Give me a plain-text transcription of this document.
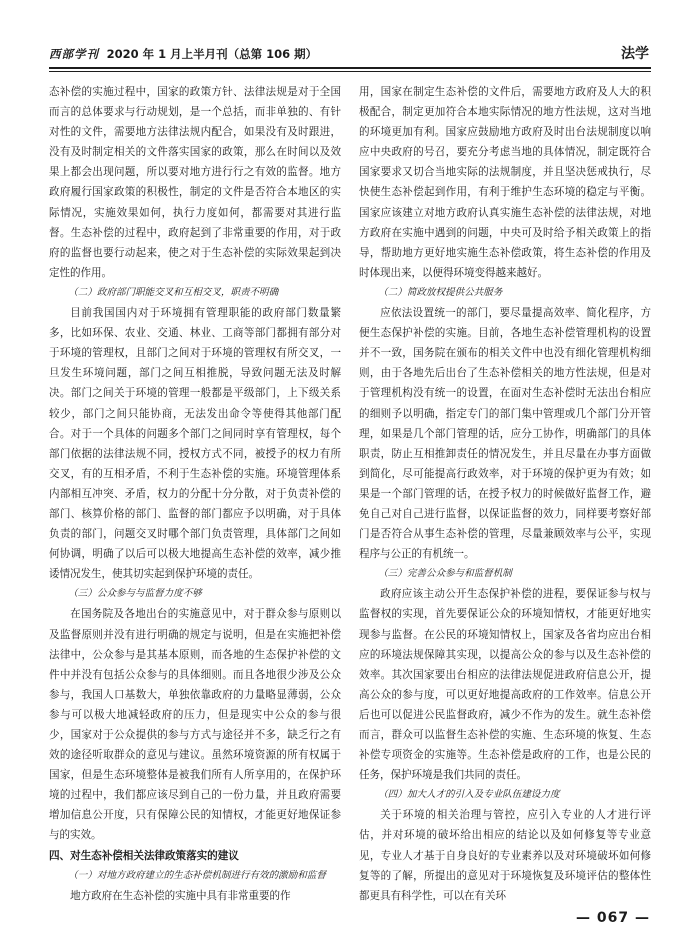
西部学刊 2020 年 1 月上半月刊（总第 106 期）	法学
态补偿的实施过程中，国家的政策方针、法律法规是对于全国而言的总体要求与行动规划，是一个总括，而非单独的、有针对性的文件，需要地方法律法规内配合，如果没有及时跟进，没有及时制定相关的文件落实国家的政策，那么在时间以及效果上都会出现问题，所以要对地方进行行之有效的监督。地方政府履行国家政策的积极性，制定的文件是否符合本地区的实际情况，实施效果如何，执行力度如何，都需要对其进行监督。生态补偿的过程中，政府起到了非常重要的作用，对于政府的监督也要行动起来，使之对于生态补偿的实际效果起到决定性的作用。
（二）政府部门职能交叉和互相交叉，职责不明确
目前我国国内对于环境拥有管理职能的政府部门数量繁多，比如环保、农业、交通、林业、工商等部门都拥有部分对于环境的管理权，且部门之间对于环境的管理权有所交叉，一旦发生环境问题，部门之间互相推脱，导致问题无法及时解决。部门之间关于环境的管理一般都是平级部门，上下级关系较少，部门之间只能协商，无法发出命令等使得其他部门配合。对于一个具体的问题多个部门之间同时享有管理权，每个部门依据的法律法规不同，授权方式不同，被授予的权力有所交叉，有的互相矛盾，不利于生态补偿的实施。环境管理体系内部相互冲突、矛盾，权力的分配十分分散，对于负责补偿的部门、核算价格的部门、监督的部门都应予以明确，对于具体负责的部门，问题交叉时哪个部门负责管理，具体部门之间如何协调，明确了以后可以极大地提高生态补偿的效率，减少推诿情况发生，使其切实起到保护环境的责任。
（三）公众参与与监督力度不够
在国务院及各地出台的实施意见中，对于群众参与原则以及监督原则并没有进行明确的规定与说明，但是在实施把补偿法律中，公众参与是其基本原则，而各地的生态保护补偿的文件中并没有包括公众参与的具体细则。而且各地很少涉及公众参与，我国人口基数大，单独依靠政府的力量略显薄弱，公众参与可以极大地减轻政府的压力，但是现实中公众的参与很少，国家对于公众提供的参与方式与途径并不多，缺乏行之有效的途径听取群众的意见与建议。虽然环境资源的所有权属于国家，但是生态环境整体是被我们所有人所享用的，在保护环境的过程中，我们都应该尽到自己的一份力量，并且政府需要增加信息公开度，只有保障公民的知情权，才能更好地保证参与的实效。
四、对生态补偿相关法律政策落实的建议
（一）对地方政府建立的生态补偿机制进行有效的激励和监督
地方政府在生态补偿的实施中具有非常重要的作
用，国家在制定生态补偿的文件后，需要地方政府及人大的积极配合，制定更加符合本地实际情况的地方性法规，这对当地的环境更加有利。国家应鼓励地方政府及时出台法规制度以响应中央政府的号召，要充分考虑当地的具体情况，制定既符合国家要求又切合当地实际的法规制度，并且坚决惩戒执行，尽快使生态补偿起到作用，有利于维护生态环境的稳定与平衡。国家应该建立对地方政府认真实施生态补偿的法律法规，对地方政府在实施中遇到的问题，中央可及时给予相关政策上的指导，帮助地方更好地实施生态补偿政策，将生态补偿的作用及时体现出来，以便得环境变得越来越好。
（二）简政放权提供公共服务
应依法设置统一的部门，要尽量提高效率、简化程序，方便生态保护补偿的实施。目前，各地生态补偿管理机构的设置并不一致，国务院在颁布的相关文件中也没有细化管理机构细则，由于各地先后出台了生态补偿相关的地方性法规，但是对于管理机构没有统一的设置，在面对生态补偿时无法出台相应的细则予以明确，指定专门的部门集中管理或几个部门分开管理，如果是几个部门管理的话，应分工协作，明确部门的具体职责，防止互相推卸责任的情况发生，并且尽量在办事方面做到简化，尽可能提高行政效率，对于环境的保护更为有效；如果是一个部门管理的话，在授予权力的时候做好监督工作，避免自己对自己进行监督，以保证监督的效力，同样要考察好部门是否符合从事生态补偿的管理，尽量兼顾效率与公平，实现程序与公正的有机统一。
（三）完善公众参与和监督机制
政府应该主动公开生态保护补偿的进程，要保证参与权与监督权的实现，首先要保证公众的环境知情权，才能更好地实现参与监督。在公民的环境知情权上，国家及各省均应出台相应的环境法规保障其实现，以提高公众的参与以及生态补偿的效率。其次国家要出台相应的法律法规促进政府信息公开，提高公众的参与度，可以更好地提高政府的工作效率。信息公开后也可以促进公民监督政府，减少不作为的发生。就生态补偿而言，群众可以监督生态补偿的实施、生态环境的恢复、生态补偿专项资金的实施等。生态补偿是政府的工作，也是公民的任务，保护环境是我们共同的责任。
（四）加大人才的引入及专业队伍建设力度
关于环境的相关治理与管控，应引入专业的人才进行评估，并对环境的破坏给出相应的结论以及如何修复等专业意见，专业人才基于自身良好的专业素养以及对环境破坏如何修复等的了解，所提出的意见对于环境恢复及环境评估的整体性都更具有科学性，可以在有关环
— 067 —
